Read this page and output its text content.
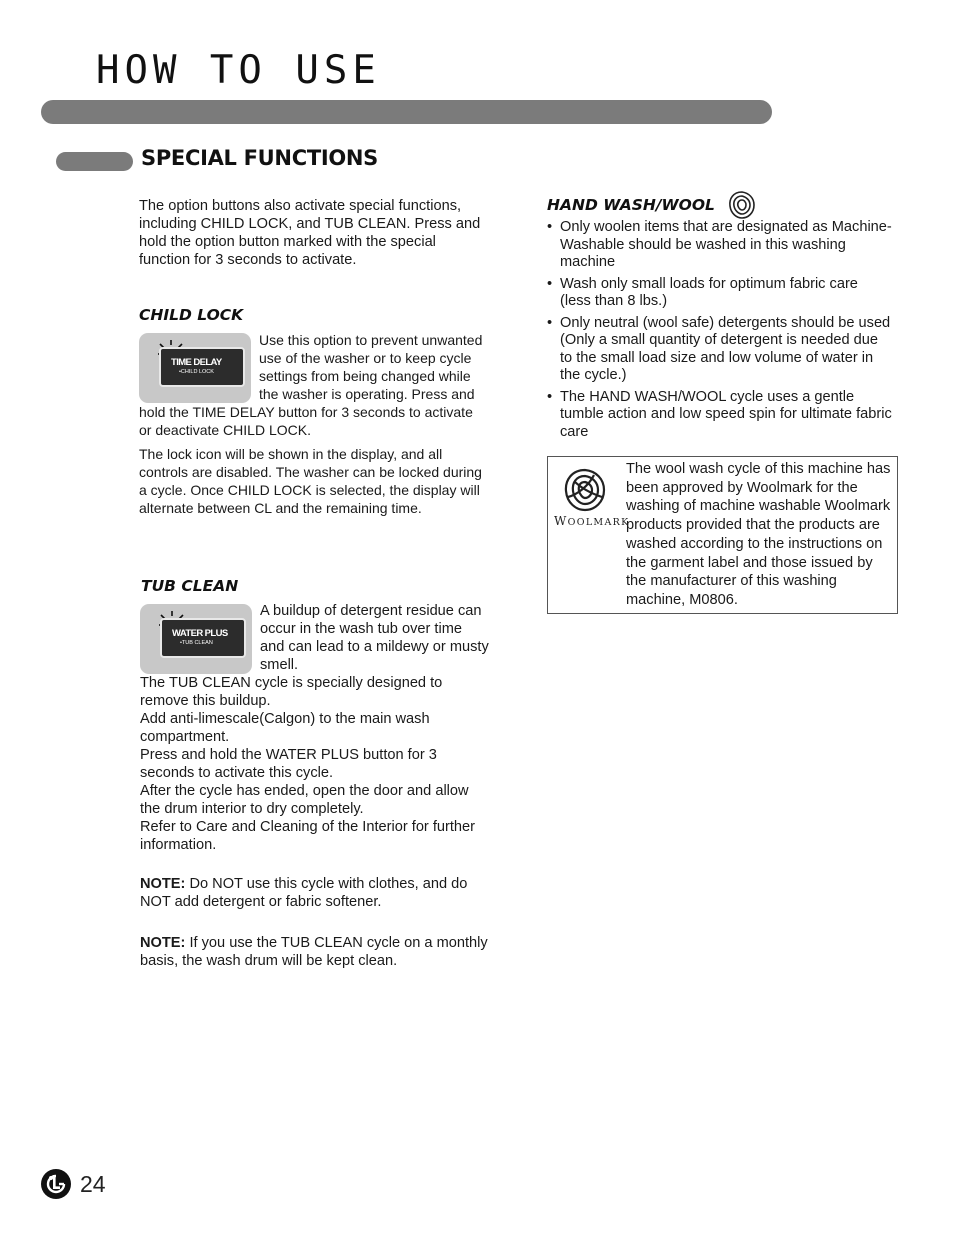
HOW TO USE
SPECIAL FUNCTIONS

The option buttons also activate special functions, including CHILD LOCK, and TUB CLEAN. Press and hold the option button marked with the special function for 3 seconds to activate.

CHILD LOCK
TIME DELAY
•CHILD LOCK

Use this option to prevent unwanted use of the washer or to keep cycle settings from being changed while the washer is operating. Press and hold the TIME DELAY button for 3 seconds to activate or deactivate CHILD LOCK.

The lock icon will be shown in the display, and all controls are disabled. The washer can be locked during a cycle. Once CHILD LOCK is selected, the display will alternate between CL and the remaining time.

TUB CLEAN
WATER PLUS
•TUB CLEAN

A buildup of detergent residue can occur in the wash tub over time and can lead to a mildewy or musty smell.

The TUB CLEAN cycle is specially designed to remove this buildup.

Add anti-limescale(Calgon) to the main wash compartment.

Press and hold the WATER PLUS button for 3 seconds to activate this cycle.

After the cycle has ended, open the door and allow the drum interior to dry completely.

Refer to Care and Cleaning of the Interior for further information.

NOTE: Do NOT use this cycle with clothes, and do NOT add detergent or fabric softener.

NOTE: If you use the TUB CLEAN cycle on a monthly basis, the wash drum will be kept clean.

HAND WASH/WOOL
• Only woolen items that are designated as Machine-Washable should be washed in this washing machine
• Wash only small loads for optimum fabric care (less than 8 lbs.)
• Only neutral (wool safe) detergents should be used (Only a small quantity of detergent is needed due to the small load size and low volume of water in the cycle.)
• The HAND WASH/WOOL cycle uses a gentle tumble action and low speed spin for ultimate fabric care
WOOLMARK

The wool wash cycle of this machine has been approved by Woolmark for the washing of machine washable Woolmark products provided that the products are washed according to the instructions on the garment label and those issued by the manufacturer of this washing machine, M0806.

24
